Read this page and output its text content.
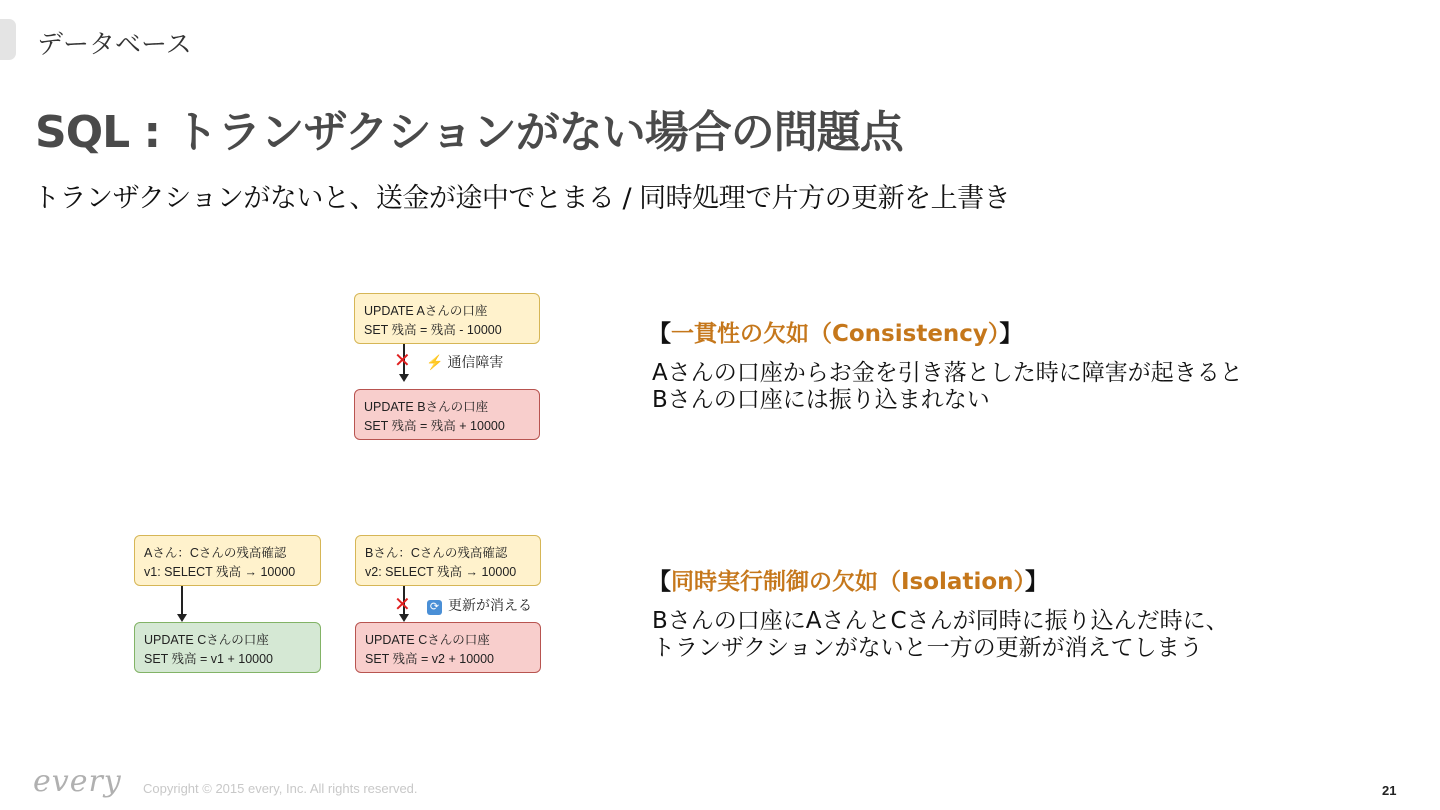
データベース
SQL : トランザクションがない場合の問題点
トランザクションがないと、送金が途中でとまる / 同時処理で片方の更新を上書き
UPDATE Aさんの口座
SET 残高 = 残高 - 10000
✕ ⚡ 通信障害
UPDATE Bさんの口座
SET 残高 = 残高 + 10000
Aさん：Cさんの残高確認
v1: SELECT 残高 → 10000
UPDATE Cさんの口座
SET 残高 = v1 + 10000
Bさん：Cさんの残高確認
v2: SELECT 残高 → 10000
✕ ⟳ 更新が消える
UPDATE Cさんの口座
SET 残高 = v2 + 10000
【一貫性の欠如（Consistency）】
Aさんの口座からお金を引き落とした時に障害が起きると
Bさんの口座には振り込まれない
【同時実行制御の欠如（Isolation）】
Bさんの口座にAさんとCさんが同時に振り込んだ時に、
トランザクションがないと一方の更新が消えてしまう
every Copyright © 2015 every, Inc. All rights reserved.	21
